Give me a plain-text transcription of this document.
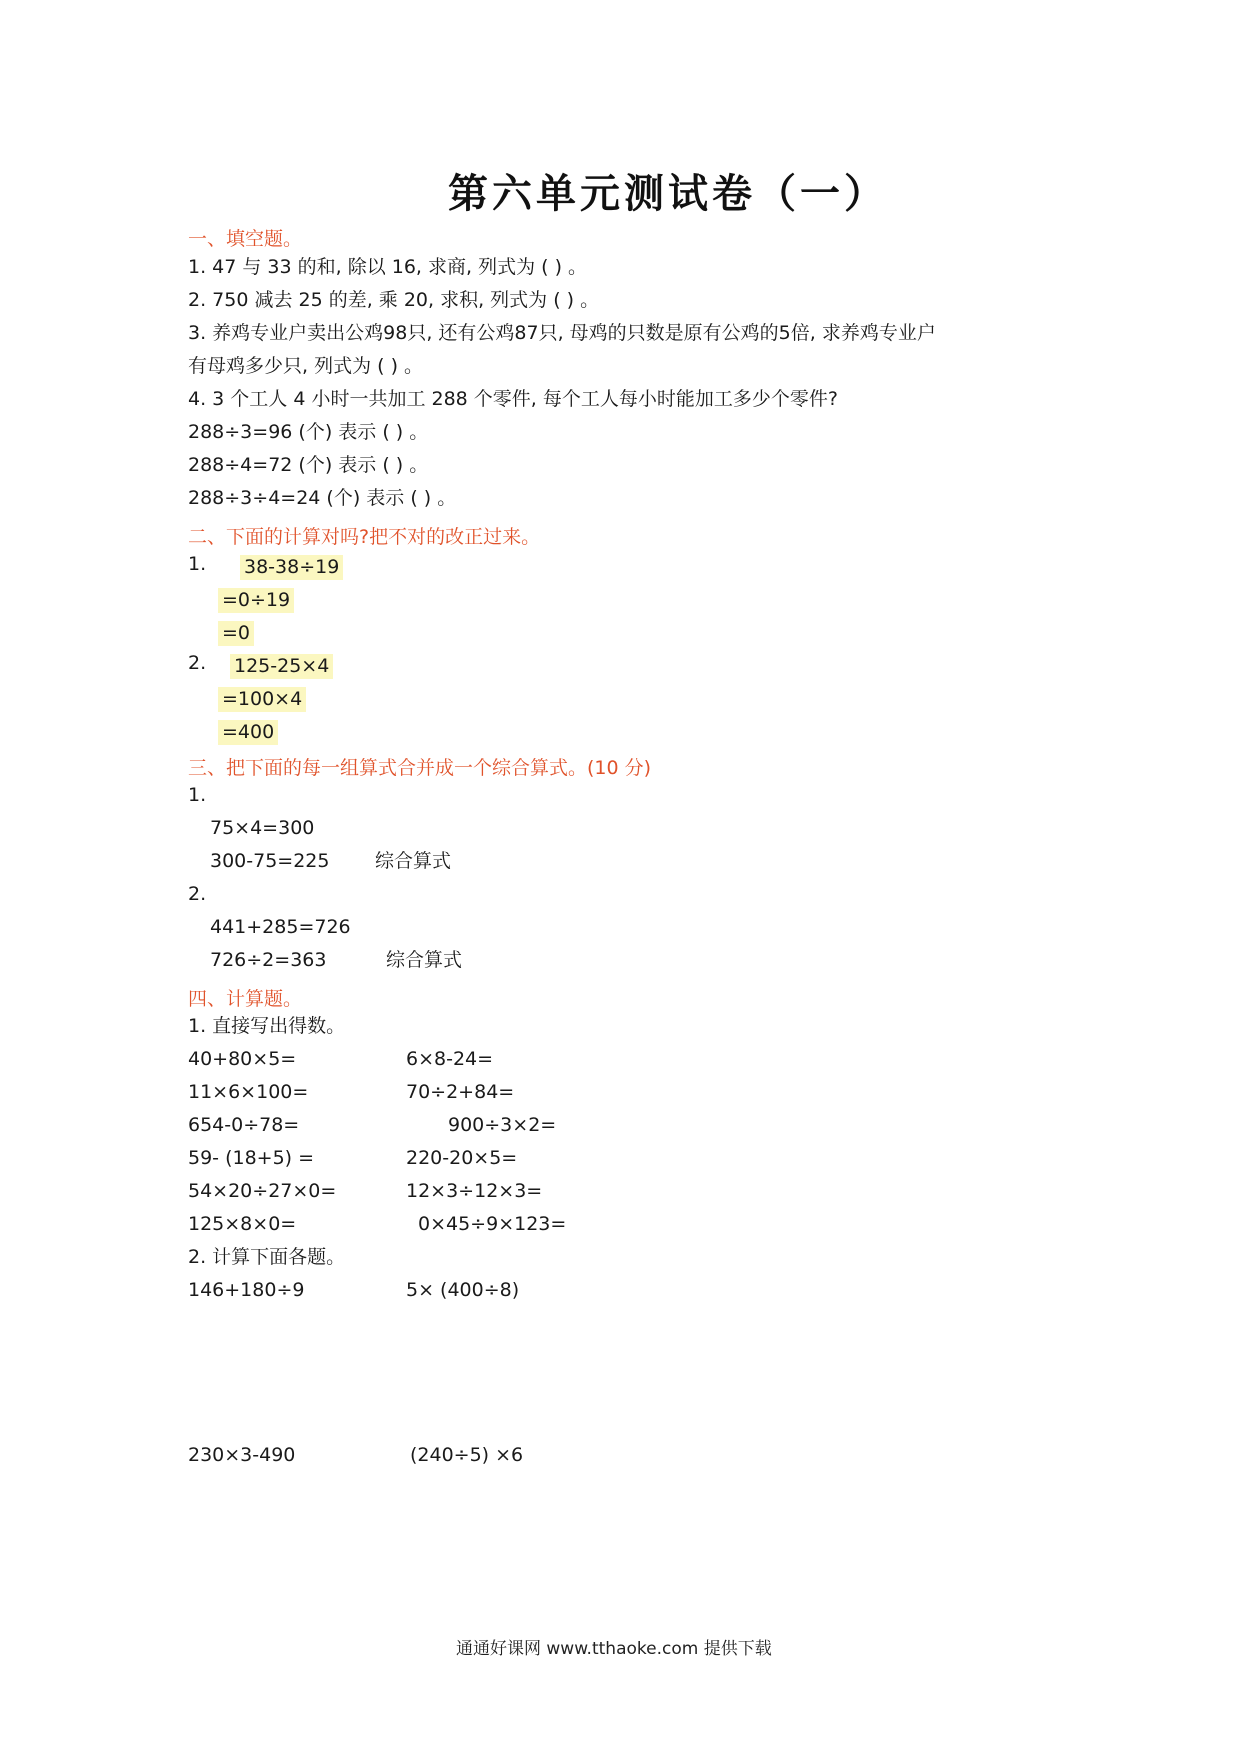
第六单元测试卷（一）
一、填空题。
1. 47 与 33 的和, 除以 16, 求商, 列式为 ( ) 。
2. 750 减去 25 的差, 乘 20, 求积, 列式为 ( ) 。
3. 养鸡专业户卖出公鸡98只, 还有公鸡87只, 母鸡的只数是原有公鸡的5倍, 求养鸡专业户
有母鸡多少只, 列式为 ( ) 。
4. 3 个工人 4 小时一共加工 288 个零件, 每个工人每小时能加工多少个零件?
288÷3=96 (个) 表示 ( ) 。
288÷4=72 (个) 表示 ( ) 。
288÷3÷4=24 (个) 表示 ( ) 。
二、下面的计算对吗?把不对的改正过来。
1. 38-38÷19
=0÷19
=0
2. 125-25×4
=100×4
=400
三、把下面的每一组算式合并成一个综合算式。(10 分)
1.
75×4=300
300-75=225 综合算式
2.
441+285=726
726÷2=363	综合算式
四、计算题。
1. 直接写出得数。
40+80×5=	6×8-24=
11×6×100=	70÷2+84=
654-0÷78=	900÷3×2=
59- (18+5) =	220-20×5=
54×20÷27×0=	12×3÷12×3=
125×8×0=	0×45÷9×123=
2. 计算下面各题。
146+180÷9	5× (400÷8)
230×3-490	(240÷5) ×6
通通好课网 www.tthaoke.com 提供下载
